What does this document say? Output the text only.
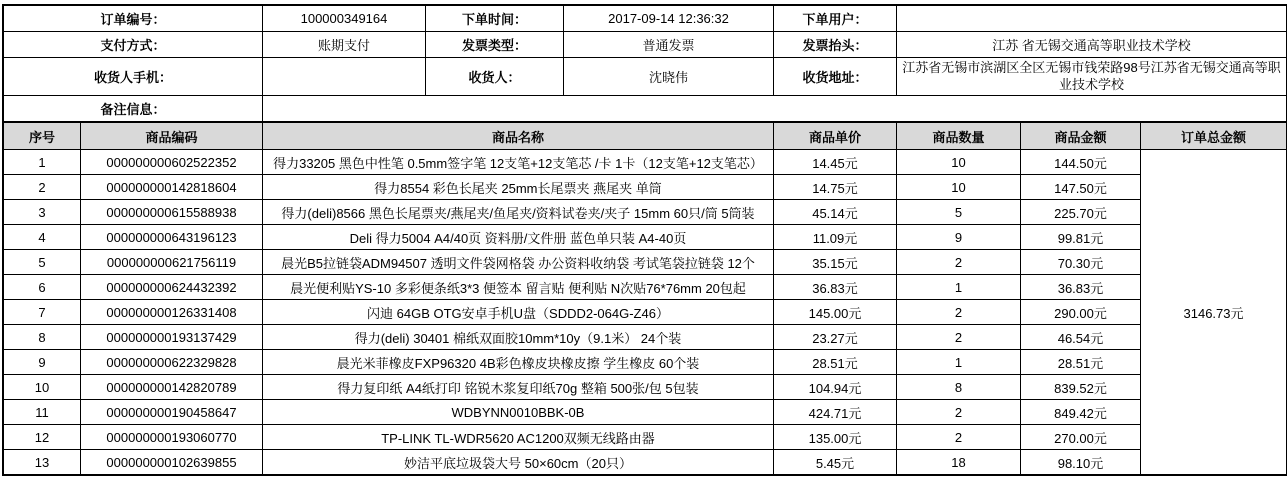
订单编号：	100000349164	下单时间：	2017-09-14 12:36:32	下单用户：	
支付方式：	账期支付	发票类型：	普通发票	发票抬头：	江苏 省无锡交通高等职业技术学校
收货人手机：		收货人：	沈晓伟	收货地址：	江苏省无锡市滨湖区全区无锡市钱荣路98号江苏省无锡交通高等职业技术学校
备注信息：					
序号	商品编码	商品名称	商品单价	商品数量	商品金额	订单总金额
1	000000000602522352	得力33205 黑色中性笔 0.5mm签字笔 12支笔+12支笔芯 /卡 1卡（12支笔+12支笔芯）	14.45元	10	144.50元	3146.73元
2	000000000142818604	得力8554 彩色长尾夹 25mm长尾票夹 燕尾夹 单筒	14.75元	10	147.50元	
3	000000000615588938	得力(deli)8566 黑色长尾票夹/燕尾夹/鱼尾夹/资料试卷夹/夹子 15mm 60只/筒 5筒装	45.14元	5	225.70元	
4	000000000643196123	Deli 得力5004 A4/40页 资料册/文件册 蓝色单只装 A4-40页	11.09元	9	99.81元	
5	000000000621756119	晨光B5拉链袋ADM94507 透明文件袋网格袋 办公资料收纳袋 考试笔袋拉链袋 12个	35.15元	2	70.30元	
6	000000000624432392	晨光便利贴YS-10 多彩便条纸3*3 便签本 留言贴 便利贴 N次贴76*76mm 20包起	36.83元	1	36.83元	
7	000000000126331408	闪迪 64GB OTG安卓手机U盘（SDDD2-064G-Z46）	145.00元	2	290.00元	
8	000000000193137429	得力(deli) 30401 棉纸双面胶10mm*10y（9.1米） 24个装	23.27元	2	46.54元	
9	000000000622329828	晨光米菲橡皮FXP96320 4B彩色橡皮块橡皮擦 学生橡皮 60个装	28.51元	1	28.51元	
10	000000000142820789	得力复印纸 A4纸打印 铭锐木浆复印纸70g 整箱 500张/包 5包装	104.94元	8	839.52元	
11	000000000190458647	WDBYNN0010BBK-0B	424.71元	2	849.42元	
12	000000000193060770	TP-LINK TL-WDR5620 AC1200双频无线路由器	135.00元	2	270.00元	
13	000000000102639855	妙洁平底垃圾袋大号 50×60cm（20只）	5.45元	18	98.10元	
